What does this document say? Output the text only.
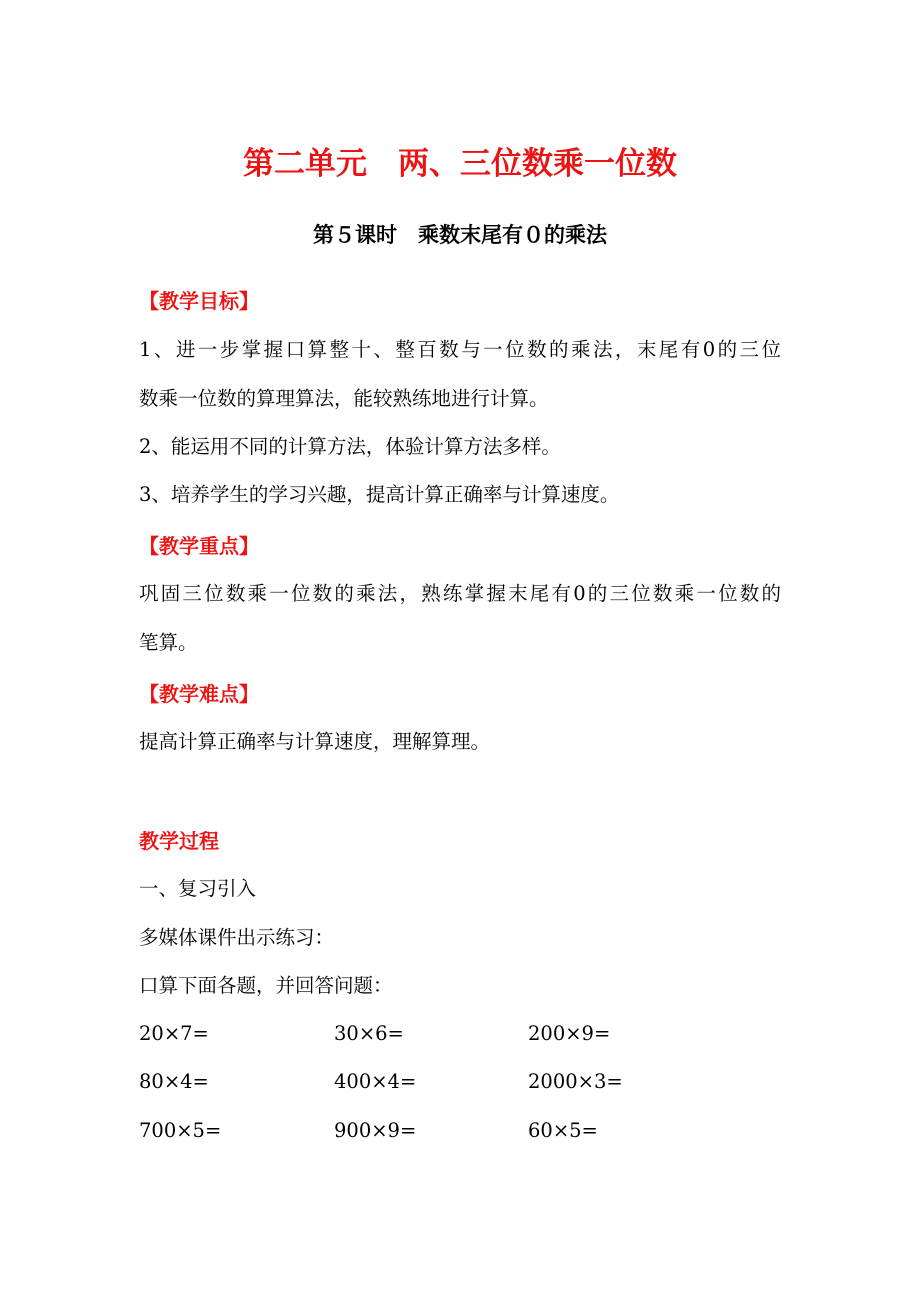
第二单元　两、三位数乘一位数
第５课时　乘数末尾有０的乘法
【教学目标】
1、进一步掌握口算整十、整百数与一位数的乘法，末尾有0的三位
数乘一位数的算理算法，能较熟练地进行计算。
2、能运用不同的计算方法，体验计算方法多样。
3、培养学生的学习兴趣，提高计算正确率与计算速度。
【教学重点】
巩固三位数乘一位数的乘法，熟练掌握末尾有0的三位数乘一位数的
笔算。
【教学难点】
提高计算正确率与计算速度，理解算理。
教学过程
一、复习引入
多媒体课件出示练习：
口算下面各题，并回答问题：
20×7=	30×6=	200×9=
80×4=	400×4=	2000×3=
700×5=	900×9=	60×5=
